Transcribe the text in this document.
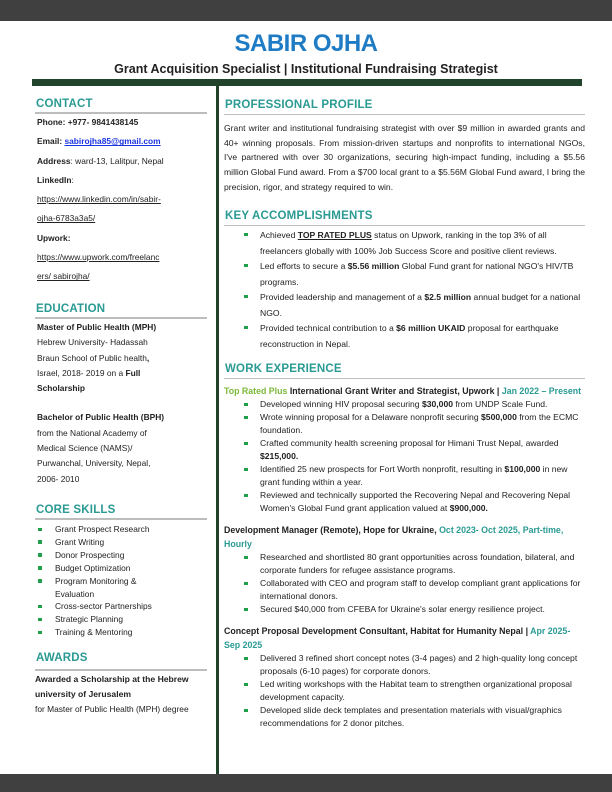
SABIR OJHA
Grant Acquisition Specialist | Institutional Fundraising Strategist
CONTACT
Phone: +977- 9841438145
Email: sabirojha85@gmail.com
Address: ward-13, Lalitpur, Nepal
LinkedIn:
https://www.linkedin.com/in/sabir-
ojha-6783a3a5/
Upwork:
https://www.upwork.com/freelanc
ers/ sabirojha/
EDUCATION
Master of Public Health (MPH)
Hebrew University- Hadassah
Braun School of Public health,
Israel, 2018- 2019 on a Full
Scholarship
Bachelor of Public Health (BPH)
from the National Academy of
Medical Science (NAMS)/
Purwanchal, University, Nepal,
2006- 2010
CORE SKILLS
Grant Prospect Research
Grant Writing
Donor Prospecting
Budget Optimization
Program Monitoring & Evaluation
Cross-sector Partnerships
Strategic Planning
Training & Mentoring
AWARDS
Awarded a Scholarship at the Hebrew university of Jerusalem
for Master of Public Health (MPH) degree
PROFESSIONAL PROFILE
Grant writer and institutional fundraising strategist with over $9 million in awarded grants and 40+ winning proposals. From mission-driven startups and nonprofits to international NGOs, I've partnered with over 30 organizations, securing high-impact funding, including a $5.56 million Global Fund award. From a $700 local grant to a $5.56M Global Fund award, I bring the precision, rigor, and strategy required to win.
KEY ACCOMPLISHMENTS
Achieved TOP RATED PLUS status on Upwork, ranking in the top 3% of all freelancers globally with 100% Job Success Score and positive client reviews.
Led efforts to secure a $5.56 million Global Fund grant for national NGO's HIV/TB programs.
Provided leadership and management of a $2.5 million annual budget for a national NGO.
Provided technical contribution to a $6 million UKAID proposal for earthquake reconstruction in Nepal.
WORK EXPERIENCE
Top Rated Plus International Grant Writer and Strategist, Upwork | Jan 2022 – Present
Developed winning HIV proposal securing $30,000 from UNDP Scale Fund.
Wrote winning proposal for a Delaware nonprofit securing $500,000 from the ECMC foundation.
Crafted community health screening proposal for Himani Trust Nepal, awarded $215,000.
Identified 25 new prospects for Fort Worth nonprofit, resulting in $100,000 in new grant funding within a year.
Reviewed and technically supported the Recovering Nepal and Recovering Nepal Women's Global Fund grant application valued at $900,000.
Development Manager (Remote), Hope for Ukraine, Oct 2023- Oct 2025, Part-time, Hourly
Researched and shortlisted 80 grant opportunities across foundation, bilateral, and corporate funders for refugee assistance programs.
Collaborated with CEO and program staff to develop compliant grant applications for international donors.
Secured $40,000 from CFEBA for Ukraine's solar energy resilience project.
Concept Proposal Development Consultant, Habitat for Humanity Nepal | Apr 2025-Sep 2025
Delivered 3 refined short concept notes (3-4 pages) and 2 high-quality long concept proposals (6-10 pages) for corporate donors.
Led writing workshops with the Habitat team to strengthen organizational proposal development capacity.
Developed slide deck templates and presentation materials with visual/graphics recommendations for 2 donor pitches.
